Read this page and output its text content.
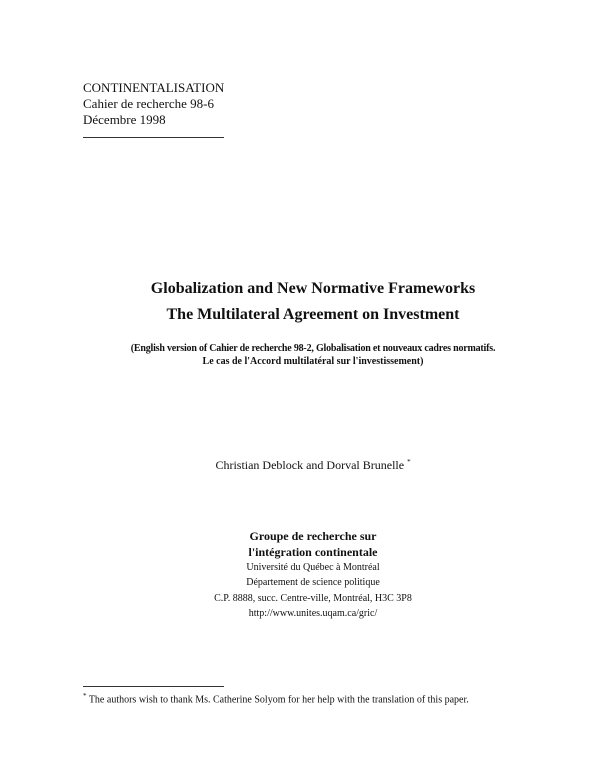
CONTINENTALISATION
Cahier de recherche 98-6
Décembre 1998
Globalization and New Normative Frameworks
The Multilateral Agreement on Investment
(English version of Cahier de recherche 98-2, Globalisation et nouveaux cadres normatifs.
Le cas de l'Accord multilatéral sur l'investissement)
Christian Deblock and Dorval Brunelle *
Groupe de recherche sur
l'intégration continentale
Université du Québec à Montréal
Département de science politique
C.P. 8888, succ. Centre-ville, Montréal, H3C 3P8
http://www.unites.uqam.ca/gric/
* The authors wish to thank Ms. Catherine Solyom for her help with the translation of this paper.
